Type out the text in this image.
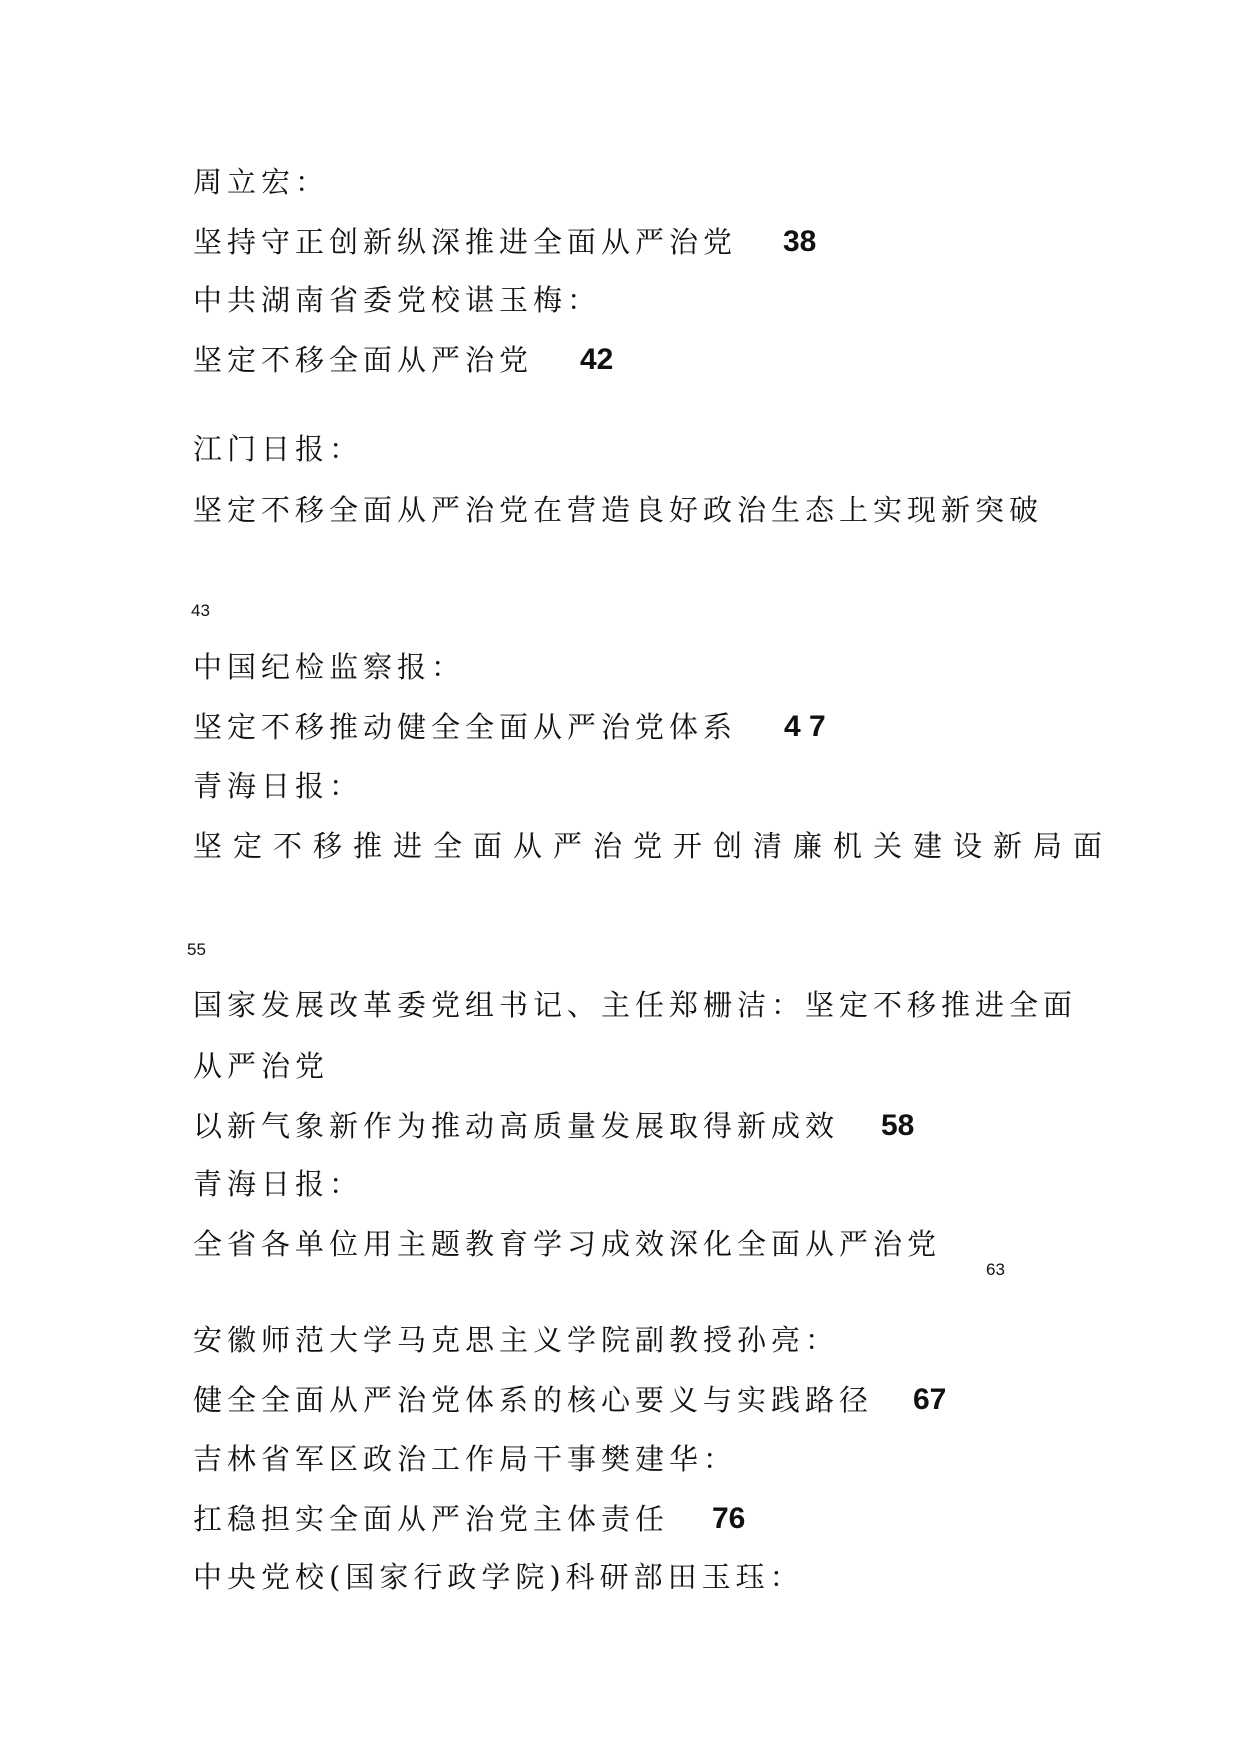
周立宏：
坚持守正创新纵深推进全面从严治党 38
中共湖南省委党校谌玉梅：
坚定不移全面从严治党 42
江门日报：
坚定不移全面从严治党在营造良好政治生态上实现新突破
43
中国纪检监察报：
坚定不移推动健全全面从严治党体系 4 7
青海日报：
坚定不移推进全面从严治党开创清廉机关建设新局面
55
国家发展改革委党组书记、主任郑栅洁：坚定不移推进全面
从严治党
以新气象新作为推动高质量发展取得新成效 58
青海日报：
全省各单位用主题教育学习成效深化全面从严治党
63
安徽师范大学马克思主义学院副教授孙亮：
健全全面从严治党体系的核心要义与实践路径 67
吉林省军区政治工作局干事樊建华：
扛稳担实全面从严治党主体责任 76
中央党校(国家行政学院)科研部田玉珏：
